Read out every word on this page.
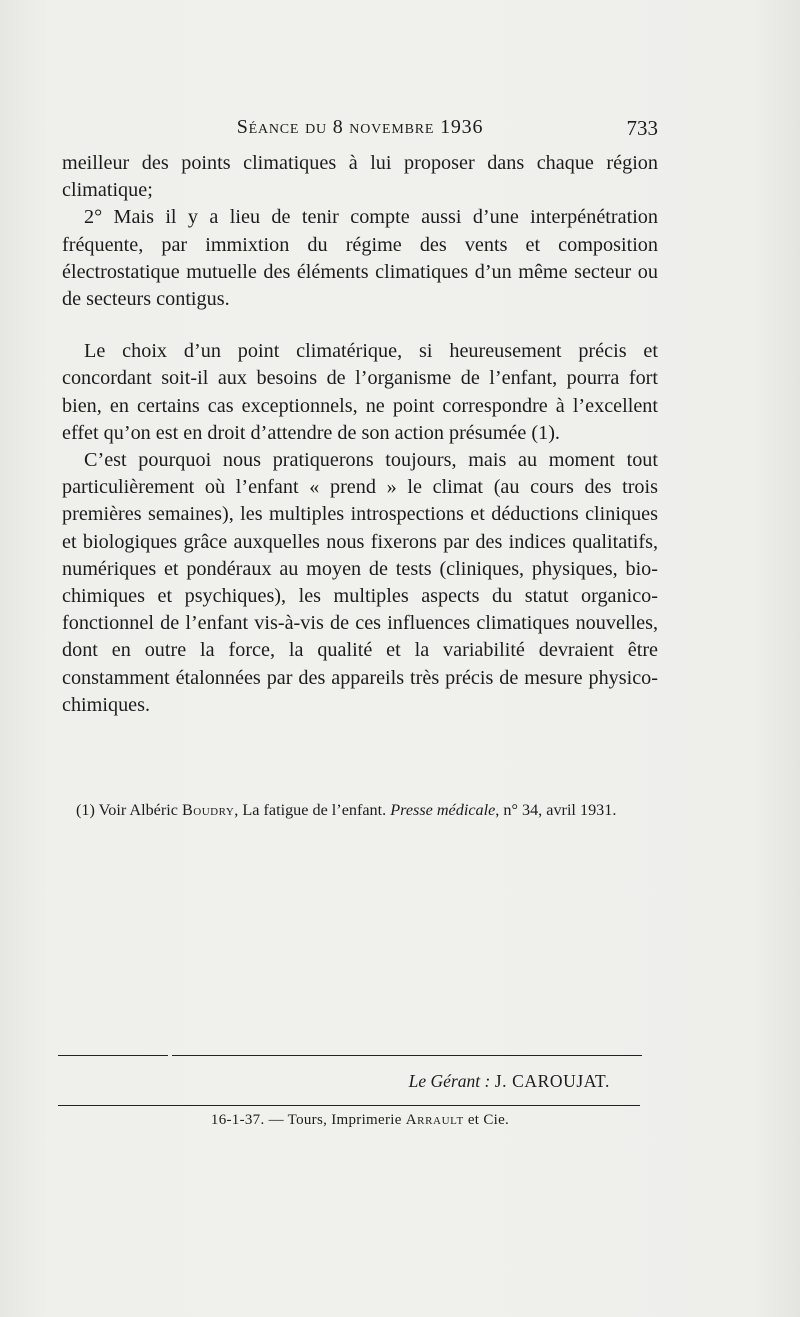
Séance du 8 novembre 1936	733

meilleur des points climatiques à lui proposer dans chaque région climatique;

2° Mais il y a lieu de tenir compte aussi d’une interpénétration fréquente, par immixtion du régime des vents et composition électrostatique mutuelle des éléments climatiques d’un même secteur ou de secteurs contigus.

Le choix d’un point climatérique, si heureusement précis et concordant soit-il aux besoins de l’organisme de l’enfant, pourra fort bien, en certains cas exceptionnels, ne point correspondre à l’excellent effet qu’on est en droit d’attendre de son action présumée (1).

C’est pourquoi nous pratiquerons toujours, mais au moment tout particulièrement où l’enfant « prend » le climat (au cours des trois premières semaines), les multiples introspections et déductions cliniques et biologiques grâce auxquelles nous fixerons par des indices qualitatifs, numériques et pondéraux au moyen de tests (cliniques, physiques, bio-chimiques et psychiques), les multiples aspects du statut organico-fonctionnel de l’enfant vis-à-vis de ces influences climatiques nouvelles, dont en outre la force, la qualité et la variabilité devraient être constamment étalonnées par des appareils très précis de mesure physico-chimiques.

(1) Voir Albéric Boudry, La fatigue de l’enfant. Presse médicale, n° 34, avril 1931.

Le Gérant : J. CAROUJAT.
16-1-37. — Tours, Imprimerie Arrault et Cie.
